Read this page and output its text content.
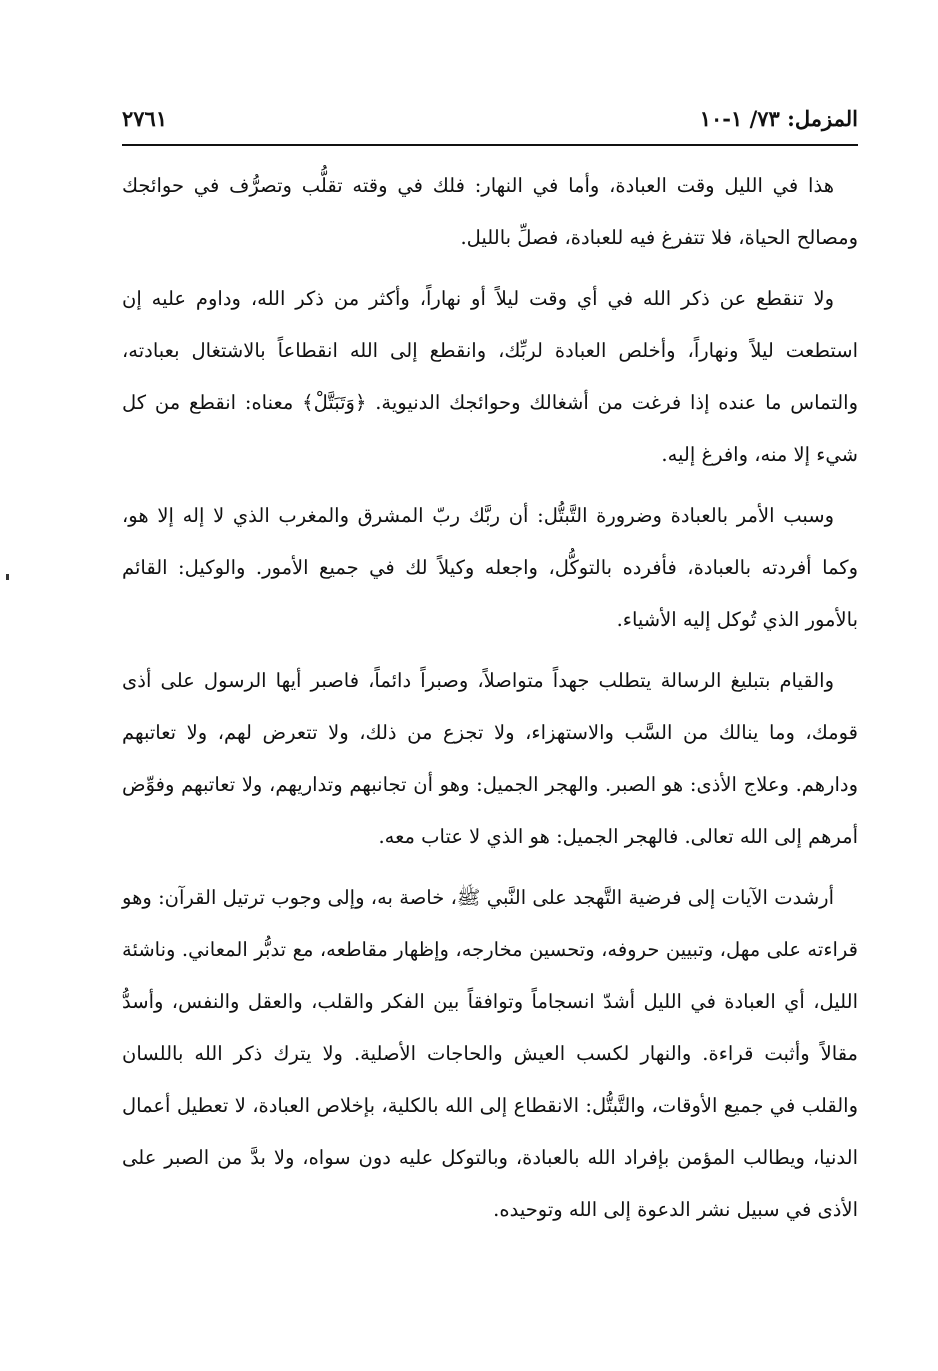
المزمل: ٧٣/ ١-١٠
٢٧٦١

هذا في الليل وقت العبادة، وأما في النهار: فلك في وقته تقلُّب وتصرُّف في حوائجك ومصالح الحياة، فلا تتفرغ فيه للعبادة، فصلِّ بالليل.

ولا تنقطع عن ذكر الله في أي وقت ليلاً أو نهاراً، وأكثر من ذكر الله، وداوم عليه إن استطعت ليلاً ونهاراً، وأخلص العبادة لربِّك، وانقطع إلى الله انقطاعاً بالاشتغال بعبادته، والتماس ما عنده إذا فرغت من أشغالك وحوائجك الدنيوية. ﴿وَتَبَتَّلْ﴾ معناه: انقطع من كل شيء إلا منه، وافرغ إليه.

وسبب الأمر بالعبادة وضرورة التَّبتُّل: أن ربَّك ربّ المشرق والمغرب الذي لا إله إلا هو، وكما أفردته بالعبادة، فأفرده بالتوكُّل، واجعله وكيلاً لك في جميع الأمور. والوكيل: القائم بالأمور الذي تُوكل إليه الأشياء.

والقيام بتبليغ الرسالة يتطلب جهداً متواصلاً، وصبراً دائماً، فاصبر أيها الرسول على أذى قومك، وما ينالك من السَّب والاستهزاء، ولا تجزع من ذلك، ولا تتعرض لهم، ولا تعاتبهم ودارهم. وعلاج الأذى: هو الصبر. والهجر الجميل: وهو أن تجانبهم وتداريهم، ولا تعاتبهم وفوِّض أمرهم إلى الله تعالى. فالهجر الجميل: هو الذي لا عتاب معه.

أرشدت الآيات إلى فرضية التَّهجد على النَّبي ﷺ، خاصة به، وإلى وجوب ترتيل القرآن: وهو قراءته على مهل، وتبيين حروفه، وتحسين مخارجه، وإظهار مقاطعه، مع تدبُّر المعاني. وناشئة الليل، أي العبادة في الليل أشدّ انسجاماً وتوافقاً بين الفكر والقلب، والعقل والنفس، وأسدُّ مقالاً وأثبت قراءة. والنهار لكسب العيش والحاجات الأصلية. ولا يترك ذكر الله باللسان والقلب في جميع الأوقات، والتَّبتُّل: الانقطاع إلى الله بالكلية، بإخلاص العبادة، لا تعطيل أعمال الدنيا، ويطالب المؤمن بإفراد الله بالعبادة، وبالتوكل عليه دون سواه، ولا بدَّ من الصبر على الأذى في سبيل نشر الدعوة إلى الله وتوحيده.
